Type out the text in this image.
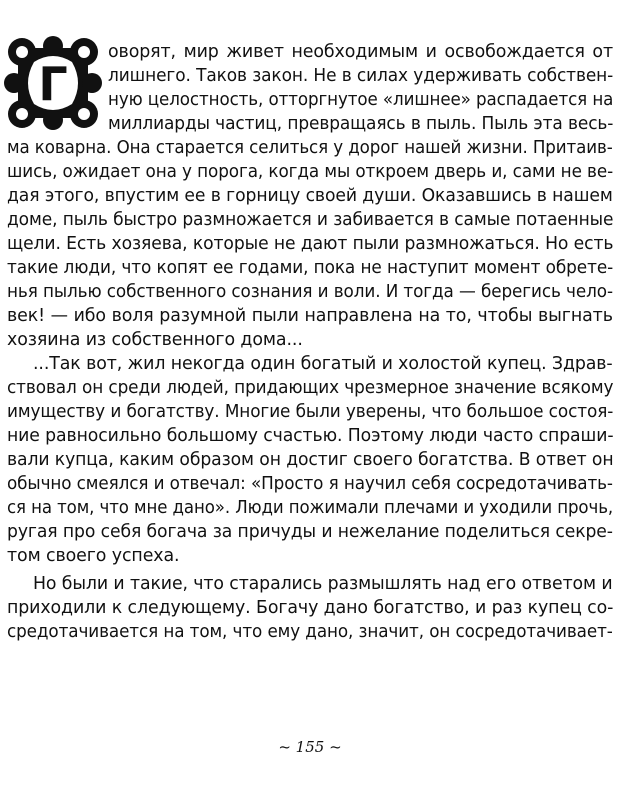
Г
оворят, мир живет необходимым и освобождается от
лишнего. Таков закон. Не в силах удерживать собствен-
ную целостность, отторгнутое «лишнее» распадается на
миллиарды частиц, превращаясь в пыль. Пыль эта весь-
ма коварна. Она старается селиться у дорог нашей жизни. Притаив-
шись, ожидает она у порога, когда мы откроем дверь и, сами не ве-
дая этого, впустим ее в горницу своей души. Оказавшись в нашем
доме, пыль быстро размножается и забивается в самые потаенные
щели. Есть хозяева, которые не дают пыли размножаться. Но есть
такие люди, что копят ее годами, пока не наступит момент обрете-
нья пылью собственного сознания и воли. И тогда — берегись чело-
век! — ибо воля разумной пыли направлена на то, чтобы выгнать
хозяина из собственного дома...
...Так вот, жил некогда один богатый и холостой купец. Здрав-
ствовал он среди людей, придающих чрезмерное значение всякому
имуществу и богатству. Многие были уверены, что большое состоя-
ние равносильно большому счастью. Поэтому люди часто спраши-
вали купца, каким образом он достиг своего богатства. В ответ он
обычно смеялся и отвечал: «Просто я научил себя сосредотачивать-
ся на том, что мне дано». Люди пожимали плечами и уходили прочь,
ругая про себя богача за причуды и нежелание поделиться секре-
том своего успеха.
Но были и такие, что старались размышлять над его ответом и
приходили к следующему. Богачу дано богатство, и раз купец со-
средотачивается на том, что ему дано, значит, он сосредотачивает-
~ 155 ~
